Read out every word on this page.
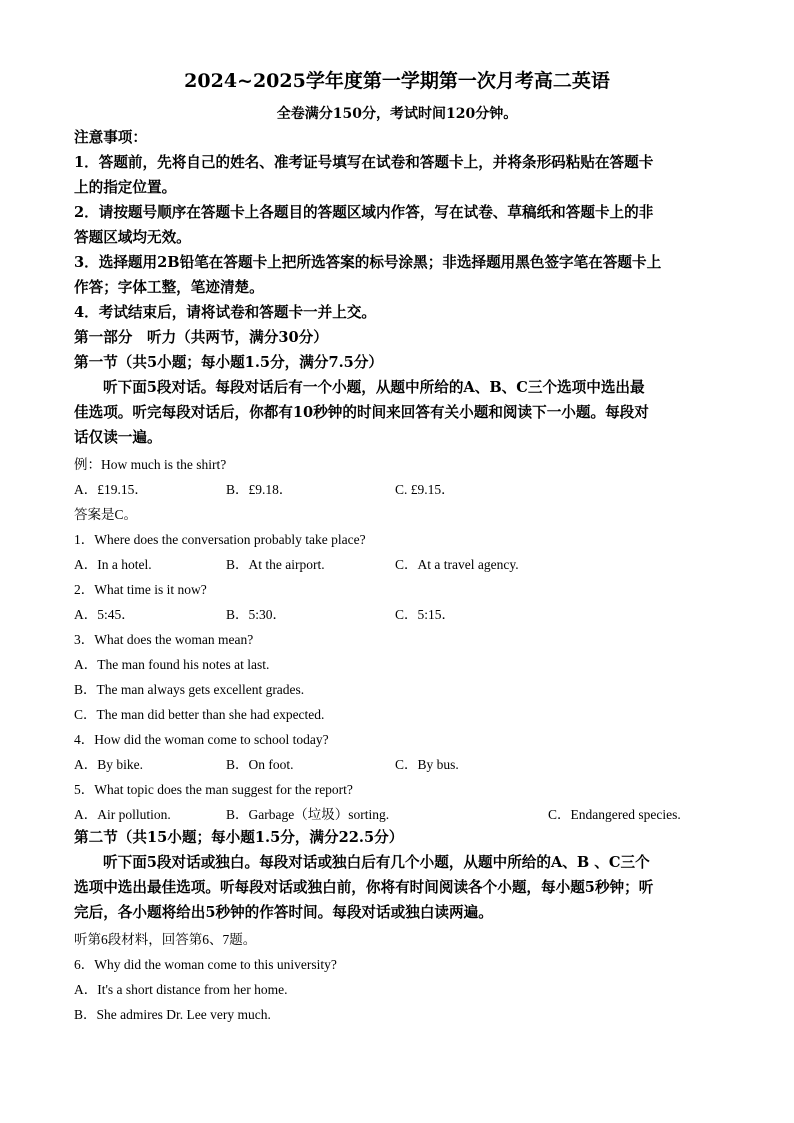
2024~2025学年度第一学期第一次月考高二英语
全卷满分150分，考试时间120分钟。
注意事项：
1．答题前，先将自己的姓名、准考证号填写在试卷和答题卡上，并将条形码粘贴在答题卡
上的指定位置。
2．请按题号顺序在答题卡上各题目的答题区域内作答，写在试卷、草稿纸和答题卡上的非
答题区域均无效。
3．选择题用2B铅笔在答题卡上把所选答案的标号涂黑；非选择题用黑色签字笔在答题卡上
作答；字体工整，笔迹清楚。
4．考试结束后，请将试卷和答题卡一并上交。
第一部分　听力（共两节，满分30分）
第一节（共5小题；每小题1.5分，满分7.5分）
听下面5段对话。每段对话后有一个小题，从题中所给的A、B、C三个选项中选出最
佳选项。听完每段对话后，你都有10秒钟的时间来回答有关小题和阅读下一小题。每段对
话仅读一遍。
例：How much is the shirt?
A．£19.15．	B．£9.18．	C. £9.15．
答案是C。
1．Where does the conversation probably take place?
A．In a hotel.	B．At the airport.	C．At a travel agency.
2．What time is it now?
A．5:45．	B．5:30．	C．5:15．
3．What does the woman mean?
A．The man found his notes at last.
B．The man always gets excellent grades.
C．The man did better than she had expected.
4．How did the woman come to school today?
A．By bike.	B．On foot.	C．By bus.
5．What topic does the man suggest for the report?
A．Air pollution.	B．Garbage（垃圾）sorting.	C．Endangered species.
第二节（共15小题；每小题1.5分，满分22.5分）
听下面5段对话或独白。每段对话或独白后有几个小题，从题中所给的A、B 、C三个
选项中选出最佳选项。听每段对话或独白前，你将有时间阅读各个小题，每小题5秒钟；听
完后，各小题将给出5秒钟的作答时间。每段对话或独白读两遍。
听第6段材料，回答第6、7题。
6．Why did the woman come to this university?
A．It's a short distance from her home.
B．She admires Dr. Lee very much.
